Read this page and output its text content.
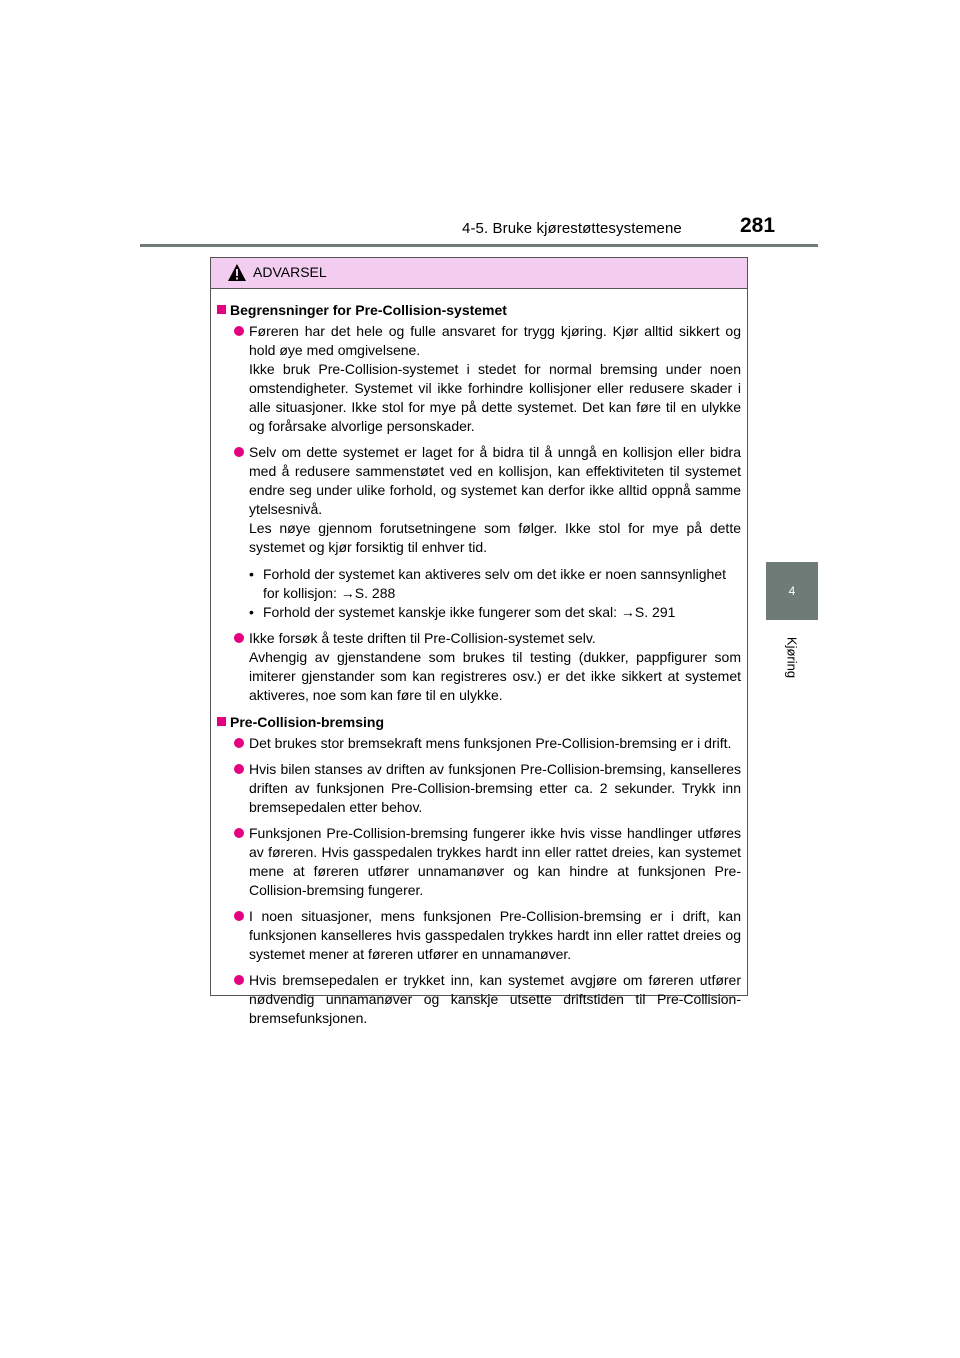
4-5. Bruke kjørestøttesystemene	281
4
Kjøring
ADVARSEL
Begrensninger for Pre-Collision-systemet

Føreren har det hele og fulle ansvaret for trygg kjøring. Kjør alltid sikkert og hold øye med omgivelsene.

Ikke bruk Pre-Collision-systemet i stedet for normal bremsing under noen omstendigheter. Systemet vil ikke forhindre kollisjoner eller redusere skader i alle situasjoner. Ikke stol for mye på dette systemet. Det kan føre til en ulykke og forårsake alvorlige personskader.

Selv om dette systemet er laget for å bidra til å unngå en kollisjon eller bidra med å redusere sammenstøtet ved en kollisjon, kan effektiviteten til systemet endre seg under ulike forhold, og systemet kan derfor ikke alltid oppnå samme ytelsesnivå.

Les nøye gjennom forutsetningene som følger. Ikke stol for mye på dette systemet og kjør forsiktig til enhver tid.

• Forhold der systemet kan aktiveres selv om det ikke er noen sannsynlighet for kollisjon: →S. 288
• Forhold der systemet kanskje ikke fungerer som det skal: →S. 291

Ikke forsøk å teste driften til Pre-Collision-systemet selv.

Avhengig av gjenstandene som brukes til testing (dukker, pappfigurer som imiterer gjenstander som kan registreres osv.) er det ikke sikkert at systemet aktiveres, noe som kan føre til en ulykke.

Pre-Collision-bremsing

Det brukes stor bremsekraft mens funksjonen Pre-Collision-bremsing er i drift.

Hvis bilen stanses av driften av funksjonen Pre-Collision-bremsing, kanselleres driften av funksjonen Pre-Collision-bremsing etter ca. 2 sekunder. Trykk inn bremsepedalen etter behov.

Funksjonen Pre-Collision-bremsing fungerer ikke hvis visse handlinger utføres av føreren. Hvis gasspedalen trykkes hardt inn eller rattet dreies, kan systemet mene at føreren utfører unnamanøver og kan hindre at funksjonen Pre-Collision-bremsing fungerer.

I noen situasjoner, mens funksjonen Pre-Collision-bremsing er i drift, kan funksjonen kanselleres hvis gasspedalen trykkes hardt inn eller rattet dreies og systemet mener at føreren utfører en unnamanøver.

Hvis bremsepedalen er trykket inn, kan systemet avgjøre om føreren utfører nødvendig unnamanøver og kanskje utsette driftstiden til Pre-Collision-bremsefunksjonen.
